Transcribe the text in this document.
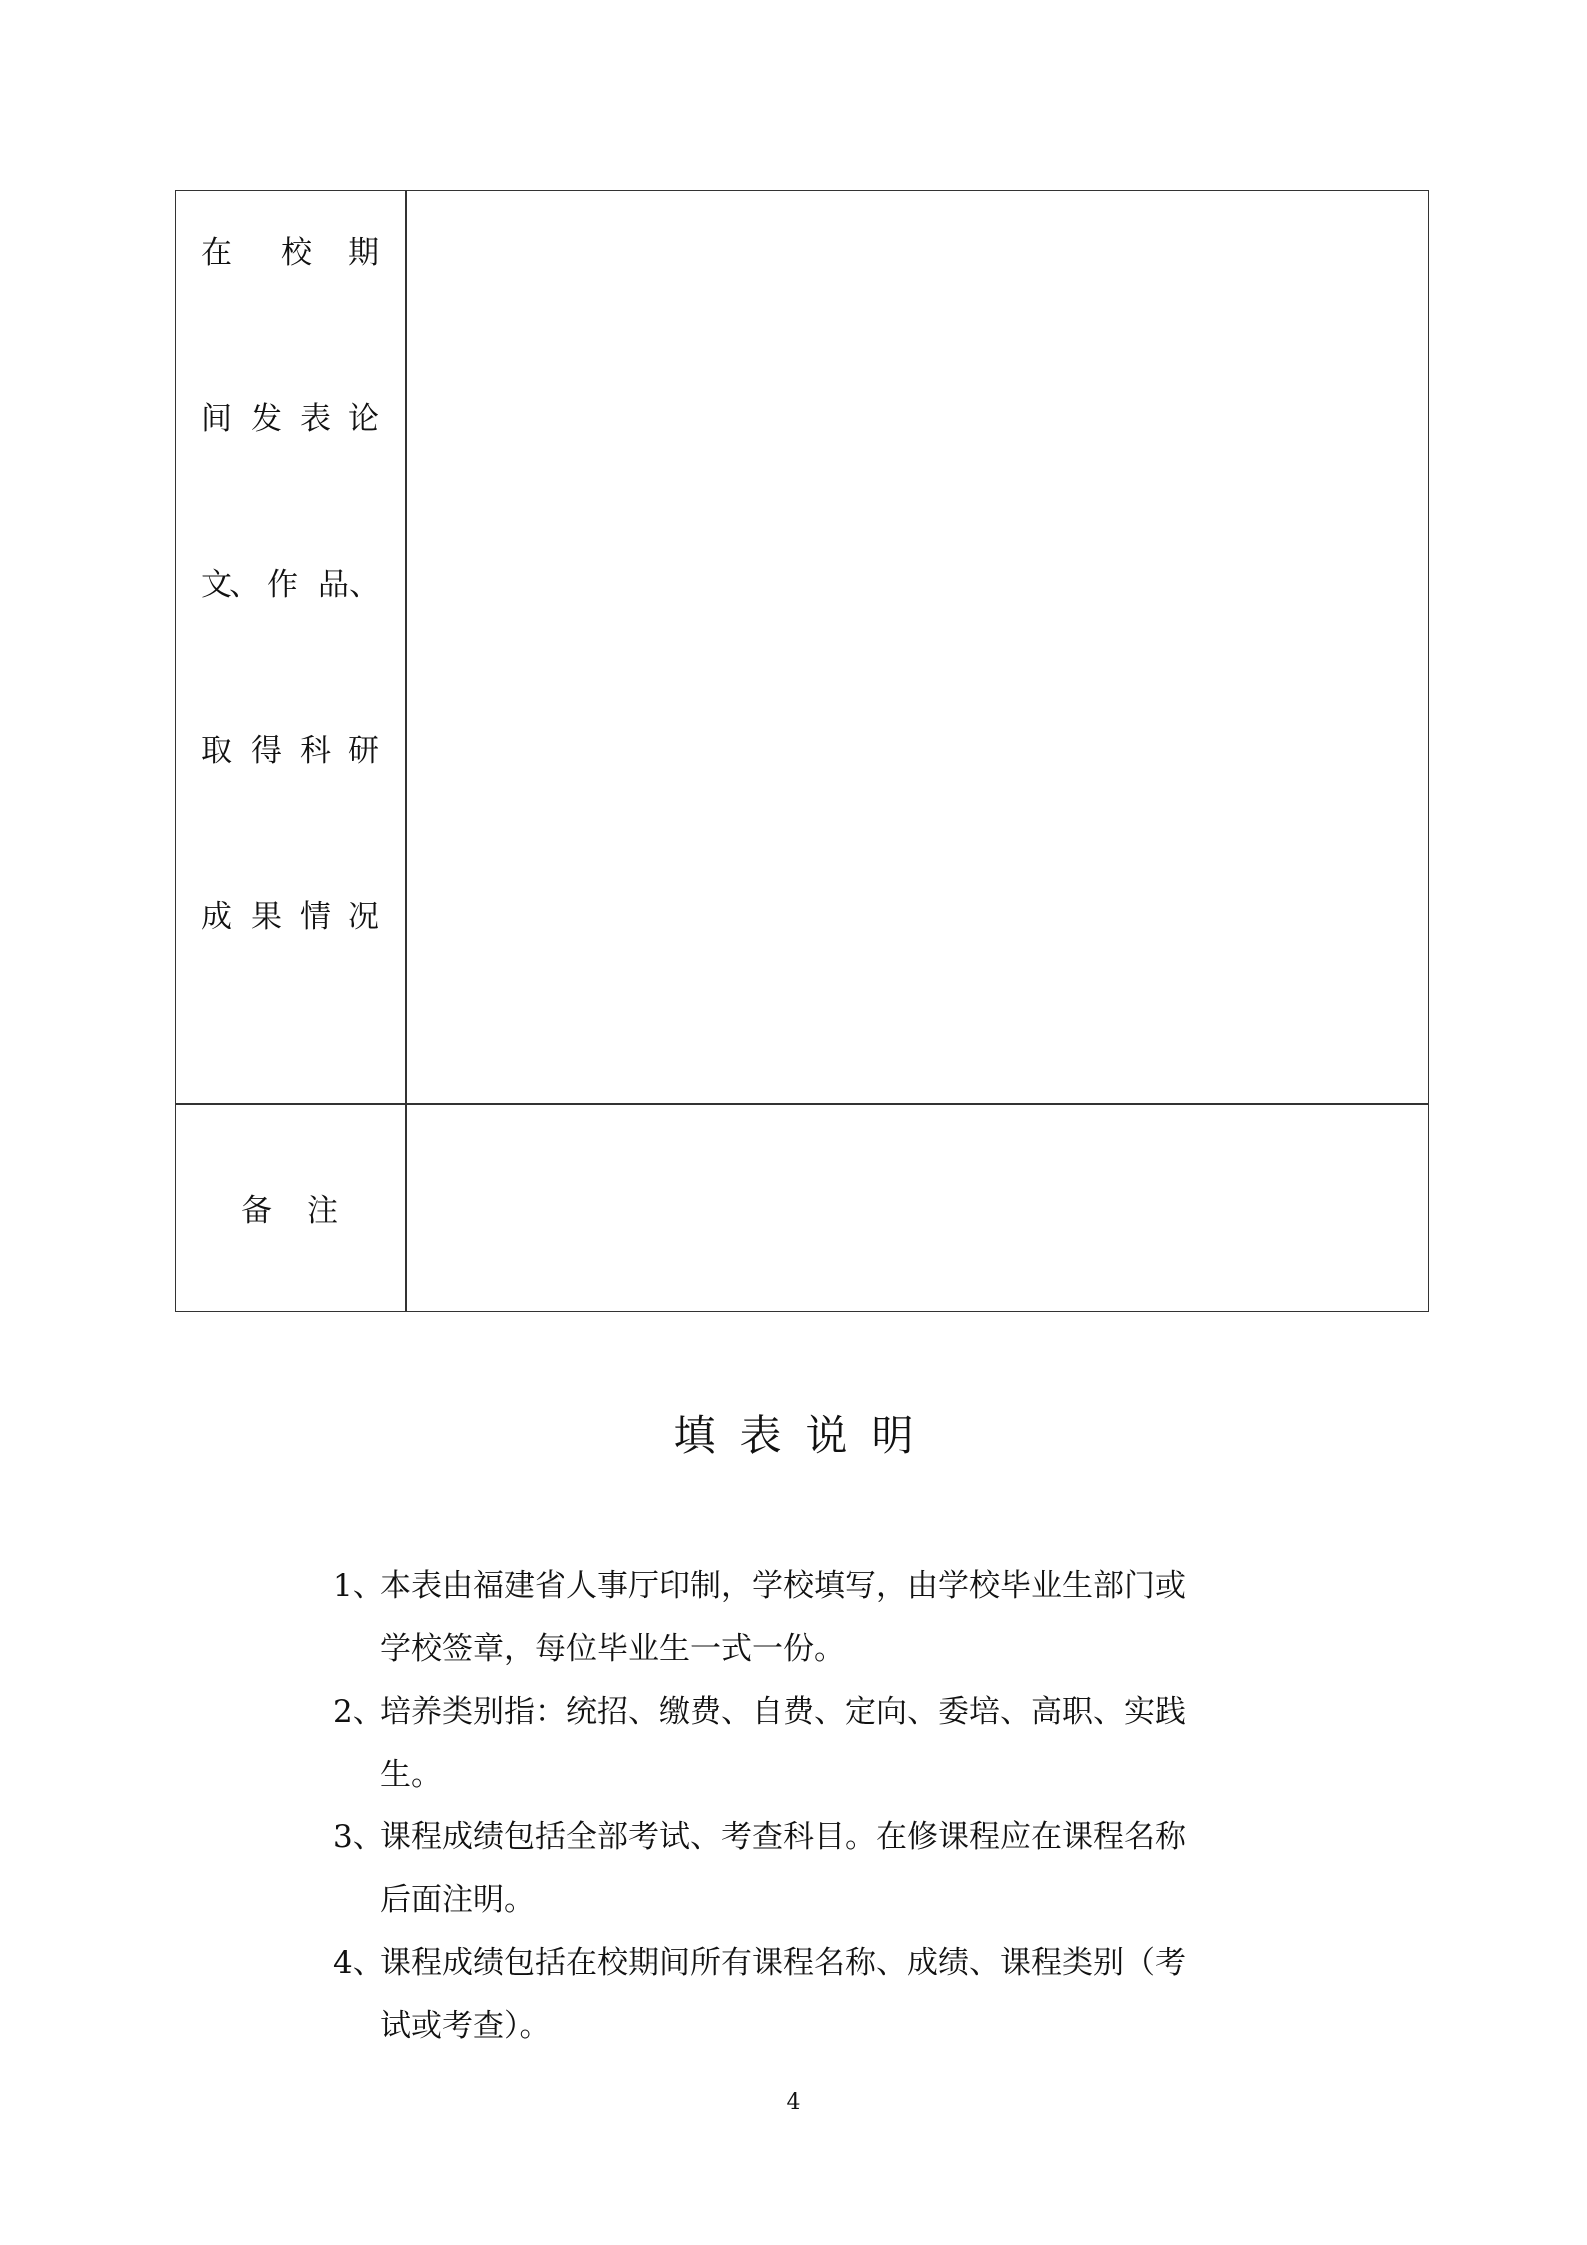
在 校 期
间 发 表 论
文
、 作 品 、
取 得 科 研
成 果 情 况
备 注
填表说明
1、
本表由福建省人事厅印制，学校填写，由学校毕业生部门或学校签章，每位毕业生一式一份。
2、
培养类别指：统招、缴费、自费、定向、委培、高职、实践生。
3、
课程成绩包括全部考试、考查科目。在修课程应在课程名称后面注明。
4、
课程成绩包括在校期间所有课程名称、成绩、课程类别（考试或考查）。
4
